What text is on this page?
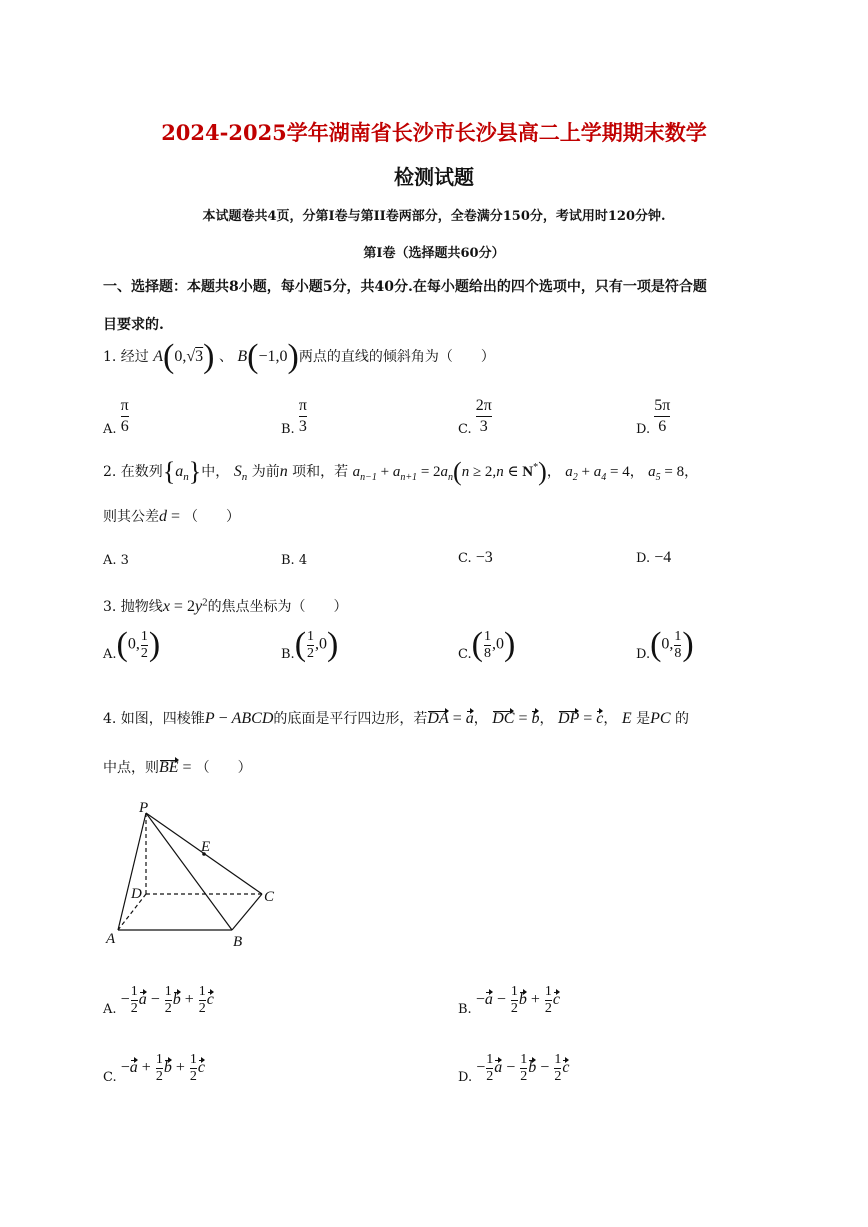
2024-2025学年湖南省长沙市长沙县高二上学期期末数学
检测试题
本试题卷共4页，分第I卷与第II卷两部分，全卷满分150分，考试用时120分钟.
第I卷（选择题共60分）
一、选择题：本题共8小题，每小题5分，共40分.在每小题给出的四个选项中，只有一项是符合题
目要求的.
1. 经过 A(0,√3) 、 B(−1,0)两点的直线的倾斜角为（　　）
A. $\frac{\pi}{6}$	B. $\frac{\pi}{3}$	C. $\frac{2\pi}{3}$	D. $\frac{5\pi}{6}$
2. 在数列$\{a_n\}$中， $S_n$ 为前n 项和，若 $a_{n-1} + a_{n+1} = 2a_n(n \ge 2,n$ ∈ N*)， $a_2 + a_4 = 4$， $a_5 = 8$，
则其公差d = （　　）
A. 3	B. 4	C. −3	D. −4
3. 抛物线$x = 2y^2$的焦点坐标为（　　）
A.(0, $\frac{1}{2}$ )	$B.( \frac{1}{2} ,0)$	$C.( \frac{1}{8} ,0)$	D.(0, $\frac{1}{8}$ )
4. 如图，四棱锥P − ABCD的底面是平行四边形，若DA = a， DC = b， DP = c， E 是PC 的
中点，则BE = （　　）
P
E
D	C
A	B
A. − $\frac{1}{2}$ $a - \frac{1}{2}$ $b + \frac{1}{2}$ c
B. $-a - \frac{1}{2}$ $b + \frac{1}{2}$ c
C. $-a + \frac{1}{2}$ $b + \frac{1}{2}$ c
D. − $\frac{1}{2}$ $a - \frac{1}{2}$ $b - \frac{1}{2}$ c
